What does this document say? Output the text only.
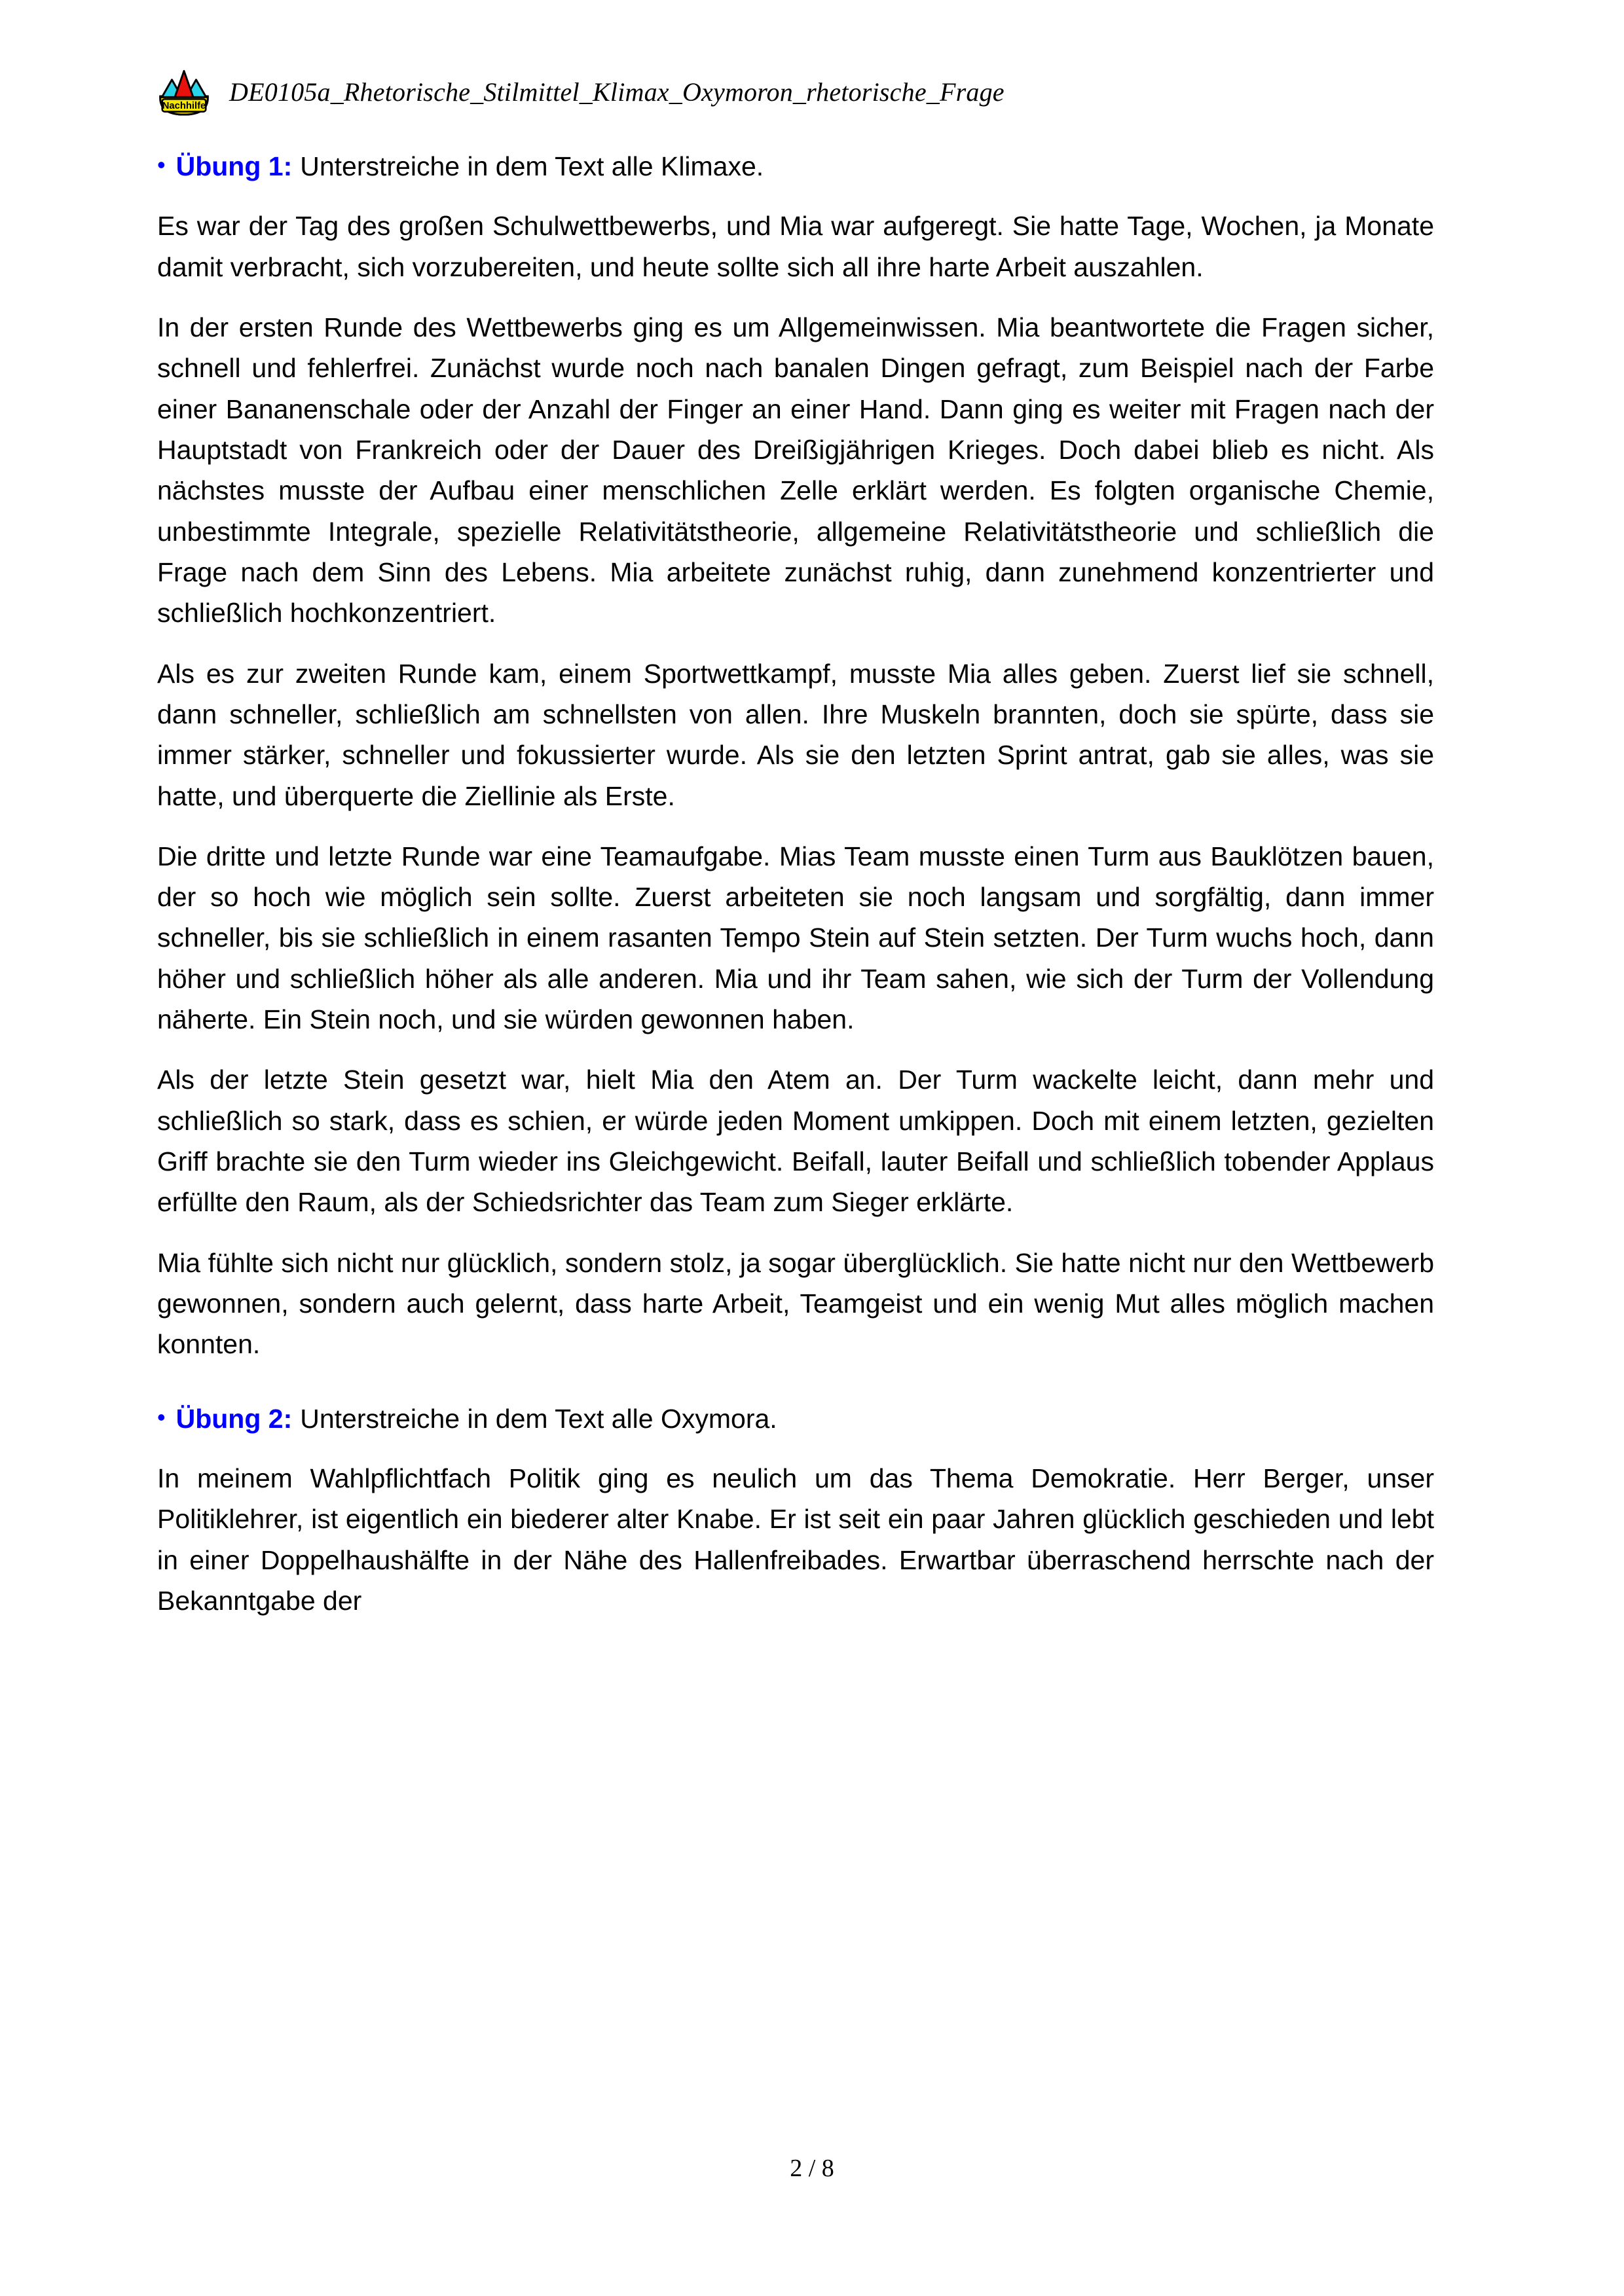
Nachhilfe DE0105a_Rhetorische_Stilmittel_Klimax_Oxymoron_rhetorische_Frage
• Übung 1: Unterstreiche in dem Text alle Klimaxe.

Es war der Tag des großen Schulwettbewerbs, und Mia war aufgeregt. Sie hatte Tage, Wochen, ja Monate damit verbracht, sich vorzubereiten, und heute sollte sich all ihre harte Arbeit auszahlen.

In der ersten Runde des Wettbewerbs ging es um Allgemeinwissen. Mia beantwortete die Fragen sicher, schnell und fehlerfrei. Zunächst wurde noch nach banalen Dingen gefragt, zum Beispiel nach der Farbe einer Bananenschale oder der Anzahl der Finger an einer Hand. Dann ging es weiter mit Fragen nach der Hauptstadt von Frankreich oder der Dauer des Dreißigjährigen Krieges. Doch dabei blieb es nicht. Als nächstes musste der Aufbau einer menschlichen Zelle erklärt werden. Es folgten organische Chemie, unbestimmte Integrale, spezielle Relativitätstheorie, allgemeine Relativitätstheorie und schließlich die Frage nach dem Sinn des Lebens. Mia arbeitete zunächst ruhig, dann zunehmend konzentrierter und schließlich hochkonzentriert.

Als es zur zweiten Runde kam, einem Sportwettkampf, musste Mia alles geben. Zuerst lief sie schnell, dann schneller, schließlich am schnellsten von allen. Ihre Muskeln brannten, doch sie spürte, dass sie immer stärker, schneller und fokussierter wurde. Als sie den letzten Sprint antrat, gab sie alles, was sie hatte, und überquerte die Ziellinie als Erste.

Die dritte und letzte Runde war eine Teamaufgabe. Mias Team musste einen Turm aus Bauklötzen bauen, der so hoch wie möglich sein sollte. Zuerst arbeiteten sie noch langsam und sorgfältig, dann immer schneller, bis sie schließlich in einem rasanten Tempo Stein auf Stein setzten. Der Turm wuchs hoch, dann höher und schließlich höher als alle anderen. Mia und ihr Team sahen, wie sich der Turm der Vollendung näherte. Ein Stein noch, und sie würden gewonnen haben.

Als der letzte Stein gesetzt war, hielt Mia den Atem an. Der Turm wackelte leicht, dann mehr und schließlich so stark, dass es schien, er würde jeden Moment umkippen. Doch mit einem letzten, gezielten Griff brachte sie den Turm wieder ins Gleichgewicht. Beifall, lauter Beifall und schließlich tobender Applaus erfüllte den Raum, als der Schiedsrichter das Team zum Sieger erklärte.

Mia fühlte sich nicht nur glücklich, sondern stolz, ja sogar überglücklich. Sie hatte nicht nur den Wettbewerb gewonnen, sondern auch gelernt, dass harte Arbeit, Teamgeist und ein wenig Mut alles möglich machen konnten.

• Übung 2: Unterstreiche in dem Text alle Oxymora.

In meinem Wahlpflichtfach Politik ging es neulich um das Thema Demokratie. Herr Berger, unser Politiklehrer, ist eigentlich ein biederer alter Knabe. Er ist seit ein paar Jahren glücklich geschieden und lebt in einer Doppelhaushälfte in der Nähe des Hallenfreibades. Erwartbar überraschend herrschte nach der Bekanntgabe der

2 / 8
